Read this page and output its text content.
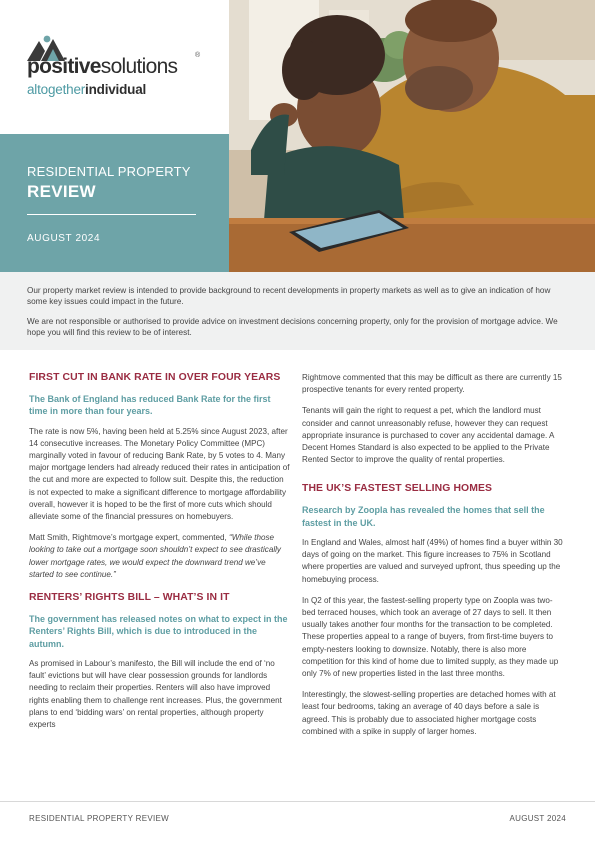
positivesolutions	®
altogetherindividual
RESIDENTIAL PROPERTY
REVIEW
AUGUST 2024

Our property market review is intended to provide background to recent developments in property markets as well as to give an indication of how some key issues could impact in the future.

We are not responsible or authorised to provide advice on investment decisions concerning property, only for the provision of mortgage advice. We hope you will find this review to be of interest.

FIRST CUT IN BANK RATE IN OVER FOUR YEARS
The Bank of England has reduced Bank Rate for the first time in more than four years.

The rate is now 5%, having been held at 5.25% since August 2023, after 14 consecutive increases. The Monetary Policy Committee (MPC) marginally voted in favour of reducing Bank Rate, by 5 votes to 4. Many major mortgage lenders had already reduced their rates in anticipation of the cut and more are expected to follow suit. Despite this, the reduction is not expected to make a significant difference to mortgage affordability overall, however it is hoped to be the first of more cuts which should alleviate some of the financial pressures on homebuyers.

Matt Smith, Rightmove’s mortgage expert, commented, “While those looking to take out a mortgage soon shouldn’t expect to see drastically lower mortgage rates, we would expect the downward trend we’ve started to see continue.”

RENTERS’ RIGHTS BILL – WHAT’S IN IT
The government has released notes on what to expect in the Renters’ Rights Bill, which is due to introduced in the autumn.

As promised in Labour’s manifesto, the Bill will include the end of ‘no fault’ evictions but will have clear possession grounds for landlords needing to reclaim their properties. Renters will also have improved rights enabling them to challenge rent increases. Plus, the government plans to end ‘bidding wars’ on rental properties, although property experts

Rightmove commented that this may be difficult as there are currently 15 prospective tenants for every rented property.

Tenants will gain the right to request a pet, which the landlord must consider and cannot unreasonably refuse, however they can request appropriate insurance is purchased to cover any accidental damage. A Decent Homes Standard is also expected to be applied to the Private Rented Sector to improve the quality of rental properties.

THE UK’S FASTEST SELLING HOMES
Research by Zoopla has revealed the homes that sell the fastest in the UK.

In England and Wales, almost half (49%) of homes find a buyer within 30 days of going on the market. This figure increases to 75% in Scotland where properties are valued and surveyed upfront, thus speeding up the homebuying process.

In Q2 of this year, the fastest-selling property type on Zoopla was two-bed terraced houses, which took an average of 27 days to sell. It then usually takes another four months for the transaction to be completed. These properties appeal to a range of buyers, from first-time buyers to empty-nesters looking to downsize. Notably, there is also more competition for this kind of home due to limited supply, as they made up only 7% of new properties listed in the last three months.

Interestingly, the slowest-selling properties are detached homes with at least four bedrooms, taking an average of 40 days before a sale is agreed. This is probably due to associated higher mortgage costs combined with a spike in supply of larger homes.

RESIDENTIAL PROPERTY REVIEW	AUGUST 2024
